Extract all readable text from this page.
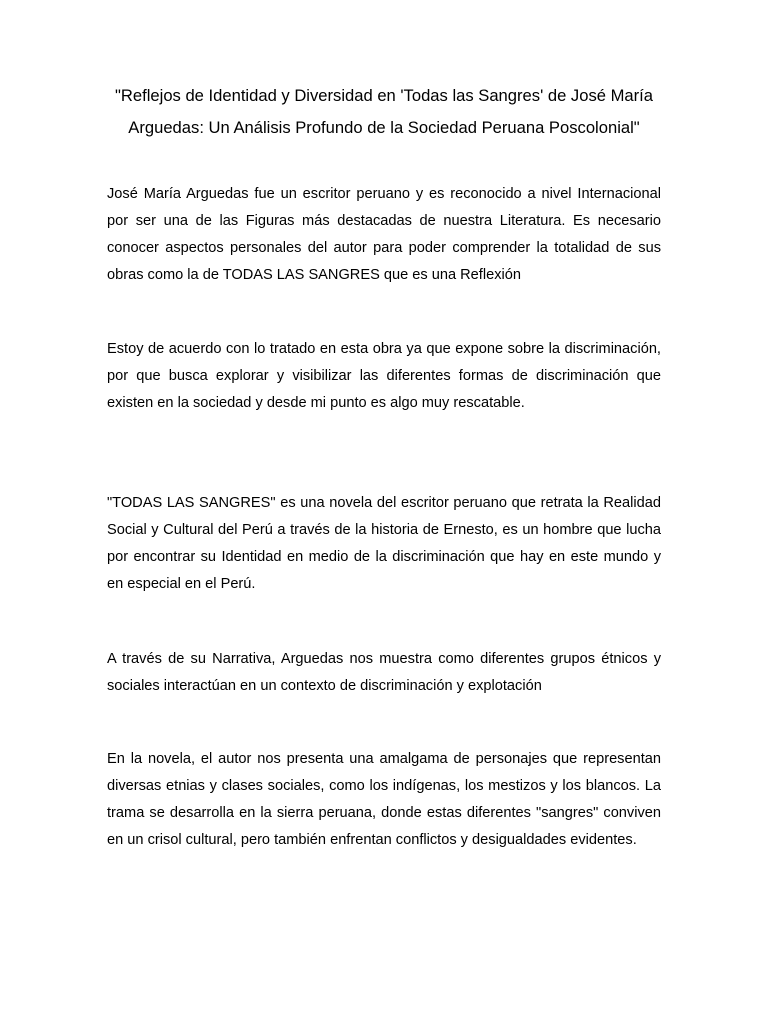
"Reflejos de Identidad y Diversidad en 'Todas las Sangres' de José María Arguedas: Un Análisis Profundo de la Sociedad Peruana Poscolonial"

José María Arguedas fue un escritor peruano y es reconocido a nivel Internacional por ser una de las Figuras más destacadas de nuestra Literatura. Es necesario conocer aspectos personales del autor para poder comprender la totalidad de sus obras como la de TODAS LAS SANGRES que es una Reflexión

Estoy de acuerdo con lo tratado en esta obra ya que expone sobre la discriminación, por que busca explorar y visibilizar las diferentes formas de discriminación que existen en la sociedad y desde mi punto es algo muy rescatable.

"TODAS LAS SANGRES" es una novela del escritor peruano que retrata la Realidad Social y Cultural del Perú a través de la historia de Ernesto, es un hombre que lucha por encontrar su Identidad en medio de la discriminación que hay en este mundo y en especial en el Perú.

A través de su Narrativa, Arguedas nos muestra como diferentes grupos étnicos y sociales interactúan en un contexto de discriminación y explotación

En la novela, el autor nos presenta una amalgama de personajes que representan diversas etnias y clases sociales, como los indígenas, los mestizos y los blancos. La trama se desarrolla en la sierra peruana, donde estas diferentes "sangres" conviven en un crisol cultural, pero también enfrentan conflictos y desigualdades evidentes.
